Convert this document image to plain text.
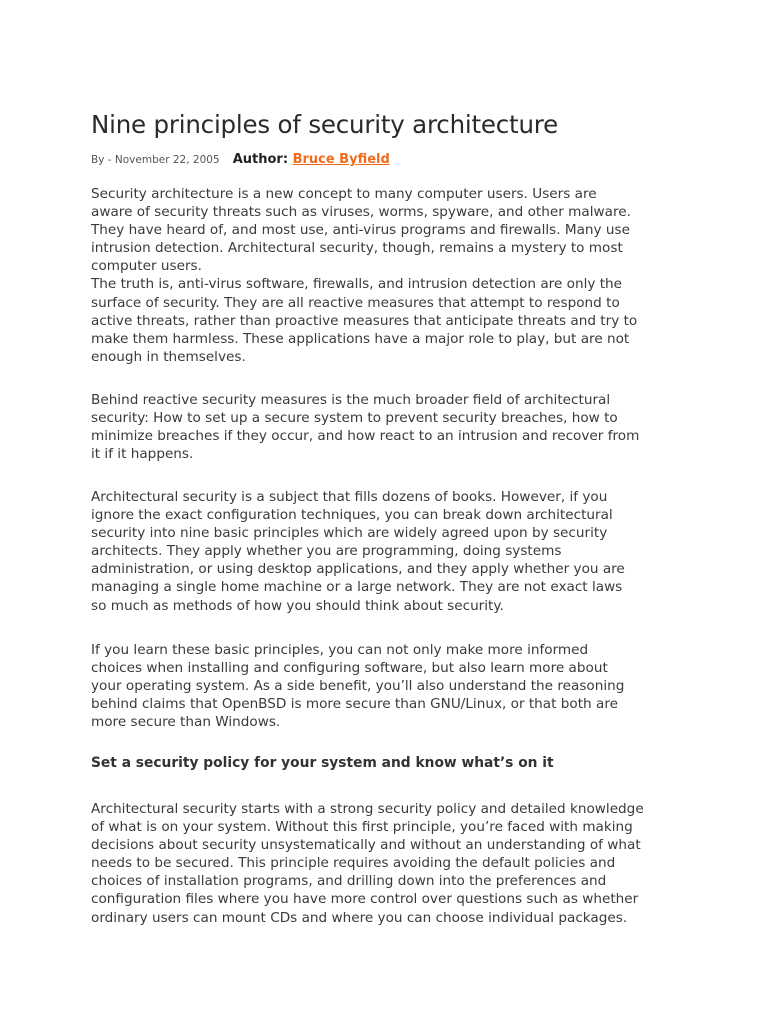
Nine principles of security architecture
By - November 22, 2005 Author: Bruce Byfield

Security architecture is a new concept to many computer users. Users are
aware of security threats such as viruses, worms, spyware, and other malware.
They have heard of, and most use, anti-virus programs and firewalls. Many use
intrusion detection. Architectural security, though, remains a mystery to most
computer users.
The truth is, anti-virus software, firewalls, and intrusion detection are only the
surface of security. They are all reactive measures that attempt to respond to
active threats, rather than proactive measures that anticipate threats and try to
make them harmless. These applications have a major role to play, but are not
enough in themselves.

Behind reactive security measures is the much broader field of architectural
security: How to set up a secure system to prevent security breaches, how to
minimize breaches if they occur, and how react to an intrusion and recover from
it if it happens.

Architectural security is a subject that fills dozens of books. However, if you
ignore the exact configuration techniques, you can break down architectural
security into nine basic principles which are widely agreed upon by security
architects. They apply whether you are programming, doing systems
administration, or using desktop applications, and they apply whether you are
managing a single home machine or a large network. They are not exact laws
so much as methods of how you should think about security.

If you learn these basic principles, you can not only make more informed
choices when installing and configuring software, but also learn more about
your operating system. As a side benefit, you’ll also understand the reasoning
behind claims that OpenBSD is more secure than GNU/Linux, or that both are
more secure than Windows.

Set a security policy for your system and know what’s on it

Architectural security starts with a strong security policy and detailed knowledge
of what is on your system. Without this first principle, you’re faced with making
decisions about security unsystematically and without an understanding of what
needs to be secured. This principle requires avoiding the default policies and
choices of installation programs, and drilling down into the preferences and
configuration files where you have more control over questions such as whether
ordinary users can mount CDs and where you can choose individual packages.
